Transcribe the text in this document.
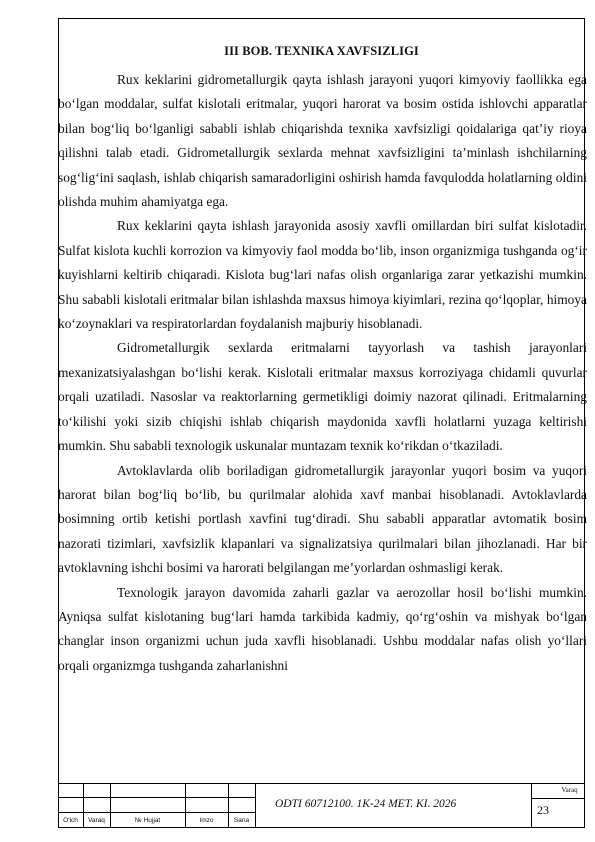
III BOB. TEXNIKA XAVFSIZLIGI

Rux keklarini gidrometallurgik qayta ishlash jarayoni yuqori kimyoviy faollikka ega bo‘lgan moddalar, sulfat kislotali eritmalar, yuqori harorat va bosim ostida ishlovchi apparatlar bilan bog‘liq bo‘lganligi sababli ishlab chiqarishda texnika xavfsizligi qoidalariga qat’iy rioya qilishni talab etadi. Gidrometallurgik sexlarda mehnat xavfsizligini ta’minlash ishchilarning sog‘lig‘ini saqlash, ishlab chiqarish samaradorligini oshirish hamda favqulodda holatlarning oldini olishda muhim ahamiyatga ega.

Rux keklarini qayta ishlash jarayonida asosiy xavfli omillardan biri sulfat kislotadir. Sulfat kislota kuchli korrozion va kimyoviy faol modda bo‘lib, inson organizmiga tushganda og‘ir kuyishlarni keltirib chiqaradi. Kislota bug‘lari nafas olish organlariga zarar yetkazishi mumkin. Shu sababli kislotali eritmalar bilan ishlashda maxsus himoya kiyimlari, rezina qo‘lqoplar, himoya ko‘zoynaklari va respiratorlardan foydalanish majburiy hisoblanadi.

Gidrometallurgik sexlarda eritmalarni tayyorlash va tashish jarayonlari mexanizatsiyalashgan bo‘lishi kerak. Kislotali eritmalar maxsus korroziyaga chidamli quvurlar orqali uzatiladi. Nasoslar va reaktorlarning germetikligi doimiy nazorat qilinadi. Eritmalarning to‘kilishi yoki sizib chiqishi ishlab chiqarish maydonida xavfli holatlarni yuzaga keltirishi mumkin. Shu sababli texnologik uskunalar muntazam texnik ko‘rikdan o‘tkaziladi.

Avtoklavlarda olib boriladigan gidrometallurgik jarayonlar yuqori bosim va yuqori harorat bilan bog‘liq bo‘lib, bu qurilmalar alohida xavf manbai hisoblanadi. Avtoklavlarda bosimning ortib ketishi portlash xavfini tug‘diradi. Shu sababli apparatlar avtomatik bosim nazorati tizimlari, xavfsizlik klapanlari va signalizatsiya qurilmalari bilan jihozlanadi. Har bir avtoklavning ishchi bosimi va harorati belgilangan me’yorlardan oshmasligi kerak.

Texnologik jarayon davomida zaharli gazlar va aerozollar hosil bo‘lishi mumkin. Ayniqsa sulfat kislotaning bug‘lari hamda tarkibida kadmiy, qo‘rg‘oshin va mishyak bo‘lgan changlar inson organizmi uchun juda xavfli hisoblanadi. Ushbu moddalar nafas olish yo‘llari orqali organizmga tushganda zaharlanishni

O‘lch	Varaq	№ Hujjat	Imzo	Sana
ODTI 60712100. 1K-24 MET. KI. 2026
Varaq
23
